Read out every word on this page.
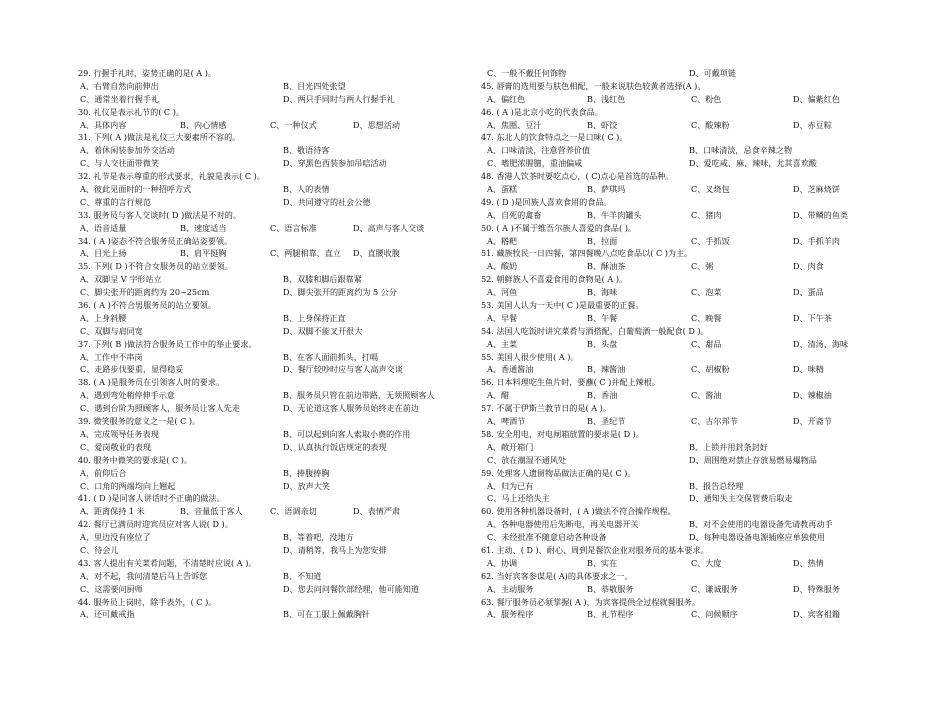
29. 行握手礼时，姿势正确的是( A )。
A、右臂自然向前伸出	B、目光四处张望
C、通常坐着行握手礼	D、两只手同时与两人行握手礼
30. 礼仪是表示礼节的( C )。
A、具体内容	B、内心情感	C、一种仪式	D、思想活动
31. 下列( A )做法是礼仪三大要素所不容的。
A、着休闲装参加外交活动	B、敬语待客
C、与人交往面带微笑	D、穿黑色西装参加吊唁活动
32. 礼节是表示尊重的形式要求，礼貌是表示( C )。
A、彼此见面时的一种招呼方式	B、人的表情
C、尊重的言行规范	D、共同遵守的社会公德
33. 服务员与客人交谈时( D )做法是不对的。
A、语音适量	B、速度适当	C、语言标准	D、高声与客人交谈
34. ( A )姿态不符合服务员正确站姿要领。
A、目光上扬	B、肩平挺胸	C、两腿相靠，直立 D、直腰收腹
35. 下列( D )不符合女服务员的站立要领。
A、双脚呈 V 字形站立	B、双膝和脚后跟靠紧
C、脚尖张开的距离约为 20~25cm	D、脚尖张开的距离约为 5 公分
36. ( A )不符合男服务员的站立要领。
A、上身斜腰	B、上身保持正直
C、双脚与肩同宽	D、双脚不能叉开很大
37. 下列( B )做法符合服务员工作中的举止要求。
A、工作中不串岗	B、在客人面前抓头，打嗝
C、走路步伐要重，显得稳妥	D、餐厅较吵时应与客人高声交谈
38. ( A )是服务员在引领客人时的要求。
A、遇到弯处稍停伸手示意	B、服务员只管在前边带路，无须照顾客人
C、遇到台阶为照顾客人，服务员让客人先走	D、无论道这客人服务员始终走在前边
39. 微笑服务的意义之一是( C )。
A、完成领导任务表现	B、可以起到向客人索取小费的作用
C、爱岗敬业的表现	D、认真执行饭店规定的表现
40. 服务中微笑的要求是( C )。
A、前仰后合	B、捧腹捧胸
C、口角的两端均向上翘起	D、放声大笑
41. ( D )是同客人讲话时不正确的做法。
A、距离保持 1 米	B、音量低于客人	C、语调亲切	D、表情严肃
42. 餐厅已满员时迎宾员应对客人说( D )。
A、里边没有座位了	B、等着吧，没地方
C、待会儿	D、请稍等，我马上为您安排
43. 客人提出有关菜肴问题，不清楚时应说( A )。
A、对不起，我问清楚后马上告诉您	B、不知道
C、这需要问厨师	D、您去问问餐饮部经理，他可能知道
44. 服务员上岗时，除手表外，( C )。
A、还可戴戒指	B、可在工服上佩戴胸针
C、一般不戴任何饰物	D、可戴项链
45. 唇膏的选用要与肤色相配，一般来说肤色较黄者选择(A )。
A、偏红色	B、浅红色	C、粉色	D、偏紫红色
46. ( A )是北京小吃的代表食品。
A、焦圈、豆汁	B、虾饺	C、酸辣粉	D、赤豆粽
47. 东北人的饮食特点之一是口味( C )。
A、口味清淡，注意营养价值	B、口味清淡，忌食辛辣之物
C、嗜肥浓腥膻，重油偏咸	D、爱吃咸、麻、辣味，尤其喜欢酸
48. 香港人饮茶时要吃点心，( C)点心是首选的品种。
A、蛋糕	B、萨琪玛	C、叉烧包	D、芝麻烧饼
49. ( D )是回族人喜欢食用的食品。
A、自死的禽畜	B、牛羊肉罐头	C、猪肉	D、带鳞的鱼类
50. ( A )不属于维吾尔族人喜爱的食品( )。
A、糌粑	B、拉面	C、手抓饭	D、手抓羊肉
51. 藏族牧民一日四餐，第四餐晚八点吃食品以( C )为主。
A、酸奶	B、酥油茶	C、粥	D、肉食
52. 朝鲜族人不喜爱食用的食物是( A )。
A、河鱼	B、海味	C、泡菜	D、蛋品
53. 美国人认为一天中( C )是最重要的正餐。
A、早餐	B、午餐	C、晚餐	D、下午茶
54. 法国人吃饭时讲究菜肴与酒搭配，白葡萄酒一般配食( D )。
A、主菜	B、头盘	C、甜品	D、清汤、海味
55. 美国人很少使用( A )。
A、香通酱油	B、辣酱油	C、胡椒粉	D、味精
56. 日本料理吃生鱼片时，要蘸( C )并配上辣根。
A、醋	B、香油	C、酱油	D、辣椒油
57. 不属于伊斯兰教节日的是( A )。
A、啤酒节	B、圣纪节	C、古尔邦节	D、开斋节
58. 安全用电，对电闸箱放置的要求是( D )。
A、敞开箱门	B、上锁并用封条封好
C、放在潮湿不通风处	D、周围绝对禁止存放易燃易爆物品
59. 处理客人遗留物品做法正确的是( C )。
A、归为已有	B、报告总经理
C、马上还给失主	D、通知失主交保管费后取走
60. 使用各种机器设备时，( A )做法不符合操作规程。
A、各种电器使用后先断电，再关电器开关	B、对不会使用的电器设备先请教再动手
C、未经批准不随意启动各种设备	D、每种电器设备电源插座应单独使用
61. 主动、( D )、耐心、周到是餐饮企业对服务员的基本要求。
A、协调	B、实在	C、大度	D、热情
62. 当好宾客参谋是( A)的具体要求之一。
A、主动服务	B、恭敬服务	C、谦诚服务	D、特殊服务
63. 餐厅服务员必须掌握( A )，为宾客提供全过程就餐服务。
A、服务程序	B、礼节程序	C、问候顺序	D、宾客祖籍
